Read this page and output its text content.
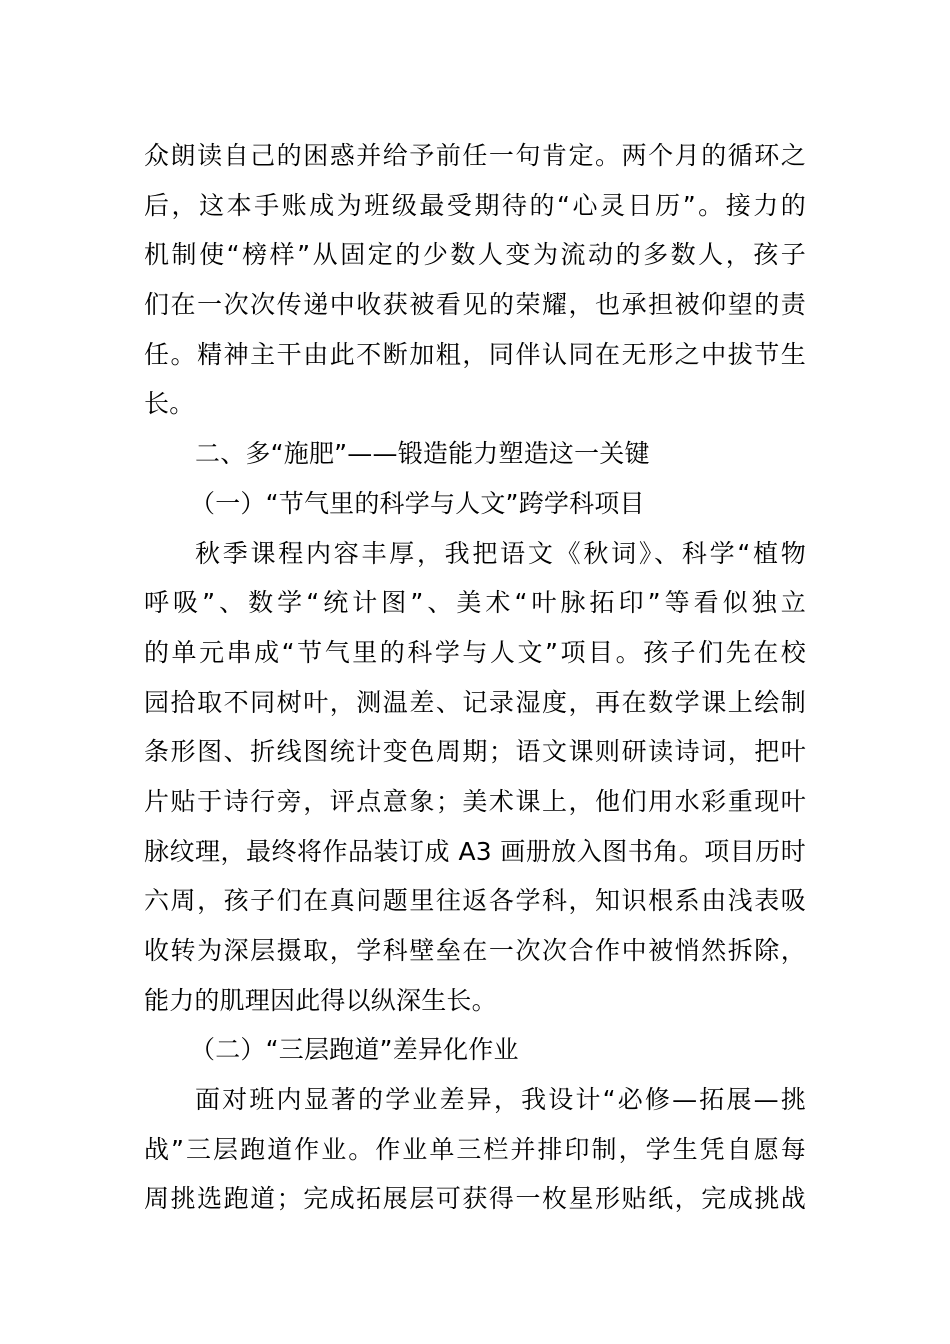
众朗读自己的困惑并给予前任一句肯定。两个月的循环之
后，这本手账成为班级最受期待的“心灵日历”。接力的
机制使“榜样”从固定的少数人变为流动的多数人，孩子
们在一次次传递中收获被看见的荣耀，也承担被仰望的责
任。精神主干由此不断加粗，同伴认同在无形之中拔节生
长。
二、多“施肥”——锻造能力塑造这一关键
（一）“节气里的科学与人文”跨学科项目
秋季课程内容丰厚，我把语文《秋词》、科学“植物
呼吸”、数学“统计图”、美术“叶脉拓印”等看似独立
的单元串成“节气里的科学与人文”项目。孩子们先在校
园拾取不同树叶，测温差、记录湿度，再在数学课上绘制
条形图、折线图统计变色周期；语文课则研读诗词，把叶
片贴于诗行旁，评点意象；美术课上，他们用水彩重现叶
脉纹理，最终将作品装订成 A3 画册放入图书角。项目历时
六周，孩子们在真问题里往返各学科，知识根系由浅表吸
收转为深层摄取，学科壁垒在一次次合作中被悄然拆除，
能力的肌理因此得以纵深生长。
（二）“三层跑道”差异化作业
面对班内显著的学业差异，我设计“必修—拓展—挑
战”三层跑道作业。作业单三栏并排印制，学生凭自愿每
周挑选跑道；完成拓展层可获得一枚星形贴纸，完成挑战
